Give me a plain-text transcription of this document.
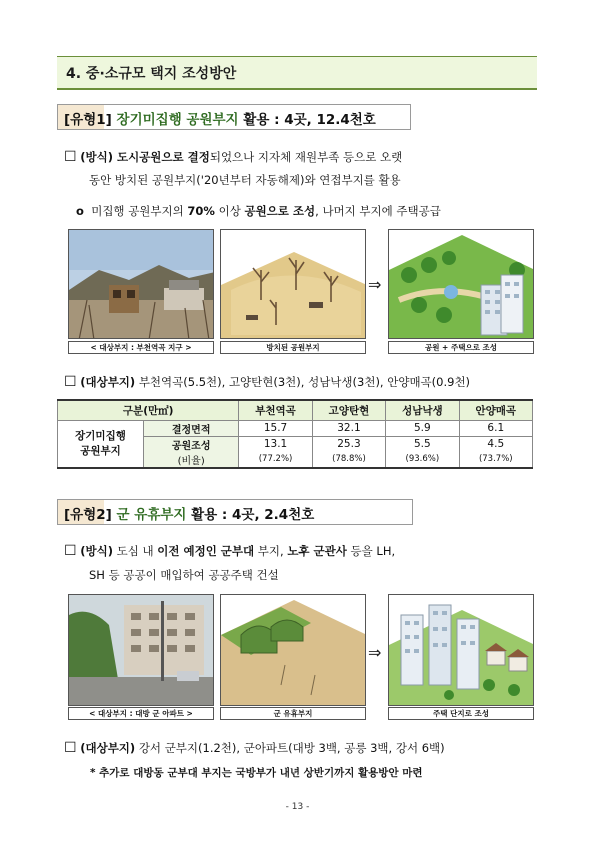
4. 중·소규모 택지 조성방안
[유형1] 장기미집행 공원부지 활용 : 4곳, 12.4천호
☐ (방식) 도시공원으로 결정되었으나 지자체 재원부족 등으로 오랫
동안 방치된 공원부지('20년부터 자동해제)와 연접부지를 활용
o 미집행 공원부지의 70% 이상 공원으로 조성, 나머지 부지에 주택공급
< 대상부지 : 부천역곡 지구 >	방치된 공원부지
⇒
공원 + 주택으로 조성
☐ (대상부지) 부천역곡(5.5천), 고양탄현(3천), 성남낙생(3천), 안양매곡(0.9천)
구분(만㎡)		부천역곡	고양탄현	성남낙생	안양매곡
장기미집행
공원부지	결정면적	15.7	32.1	5.9	6.1
	공원조성	13.1	25.3	5.5	4.5
	(비율)	(77.2%)	(78.8%)	(93.6%)	(73.7%)
[유형2] 군 유휴부지 활용 : 4곳, 2.4천호
☐ (방식) 도심 내 이전 예정인 군부대 부지, 노후 군관사 등을 LH,
SH 등 공공이 매입하여 공공주택 건설
< 대상부지 : 대방 군 아파트 >	군 유휴부지
⇒
주택 단지로 조성
☐ (대상부지) 강서 군부지(1.2천), 군아파트(대방 3백, 공릉 3백, 강서 6백)
* 추가로 대방동 군부대 부지는 국방부가 내년 상반기까지 활용방안 마련
- 13 -
